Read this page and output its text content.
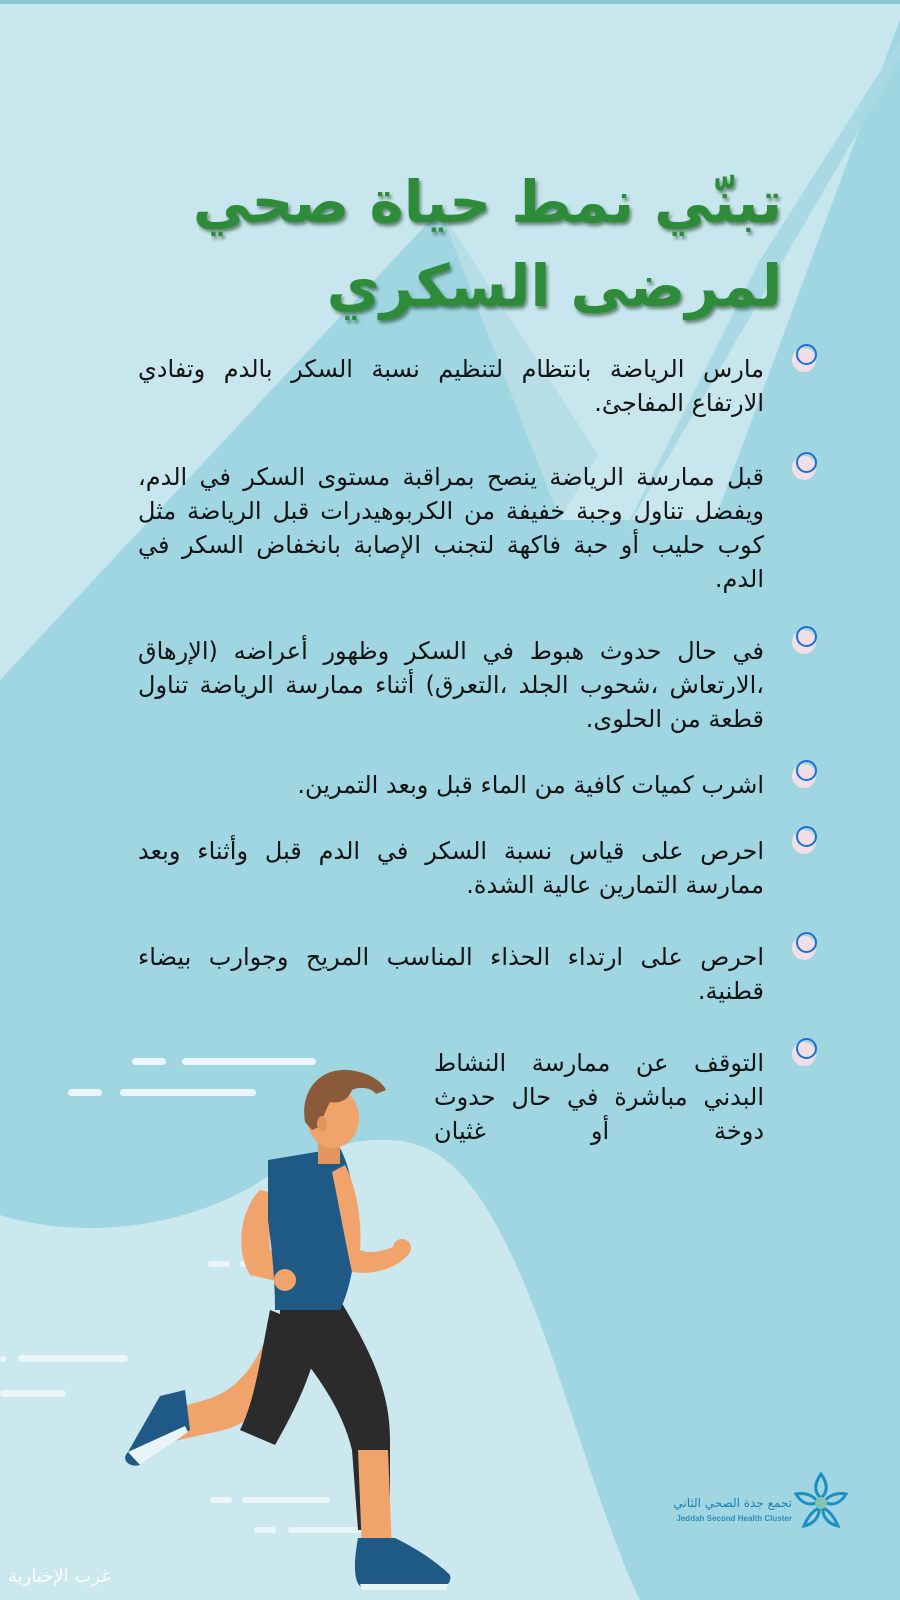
تبنّي نمط حياة صحي
لمرضى السكري
مارس الرياضة بانتظام لتنظيم نسبة السكر بالدم وتفادي الارتفاع المفاجئ.
قبل ممارسة الرياضة ينصح بمراقبة مستوى السكر في الدم، ويفضل تناول وجبة خفيفة من الكربوهيدرات قبل الرياضة مثل كوب حليب أو حبة فاكهة لتجنب الإصابة بانخفاض السكر في الدم.
في حال حدوث هبوط في السكر وظهور أعراضه (الإرهاق ،الارتعاش ،شحوب الجلد ،التعرق) أثناء ممارسة الرياضة تناول قطعة من الحلوى.
اشرب كميات كافية من الماء قبل وبعد التمرين.
احرص على قياس نسبة السكر في الدم قبل وأثناء وبعد ممارسة التمارين عالية الشدة.
احرص على ارتداء الحذاء المناسب المريح وجوارب بيضاء قطنية.
التوقف عن ممارسة النشاط البدني مباشرة في حال حدوث دوخة أو غثيان
تجمع جدة الصحي الثاني
Jeddah Second Health Cluster
غرب الإخبارية
